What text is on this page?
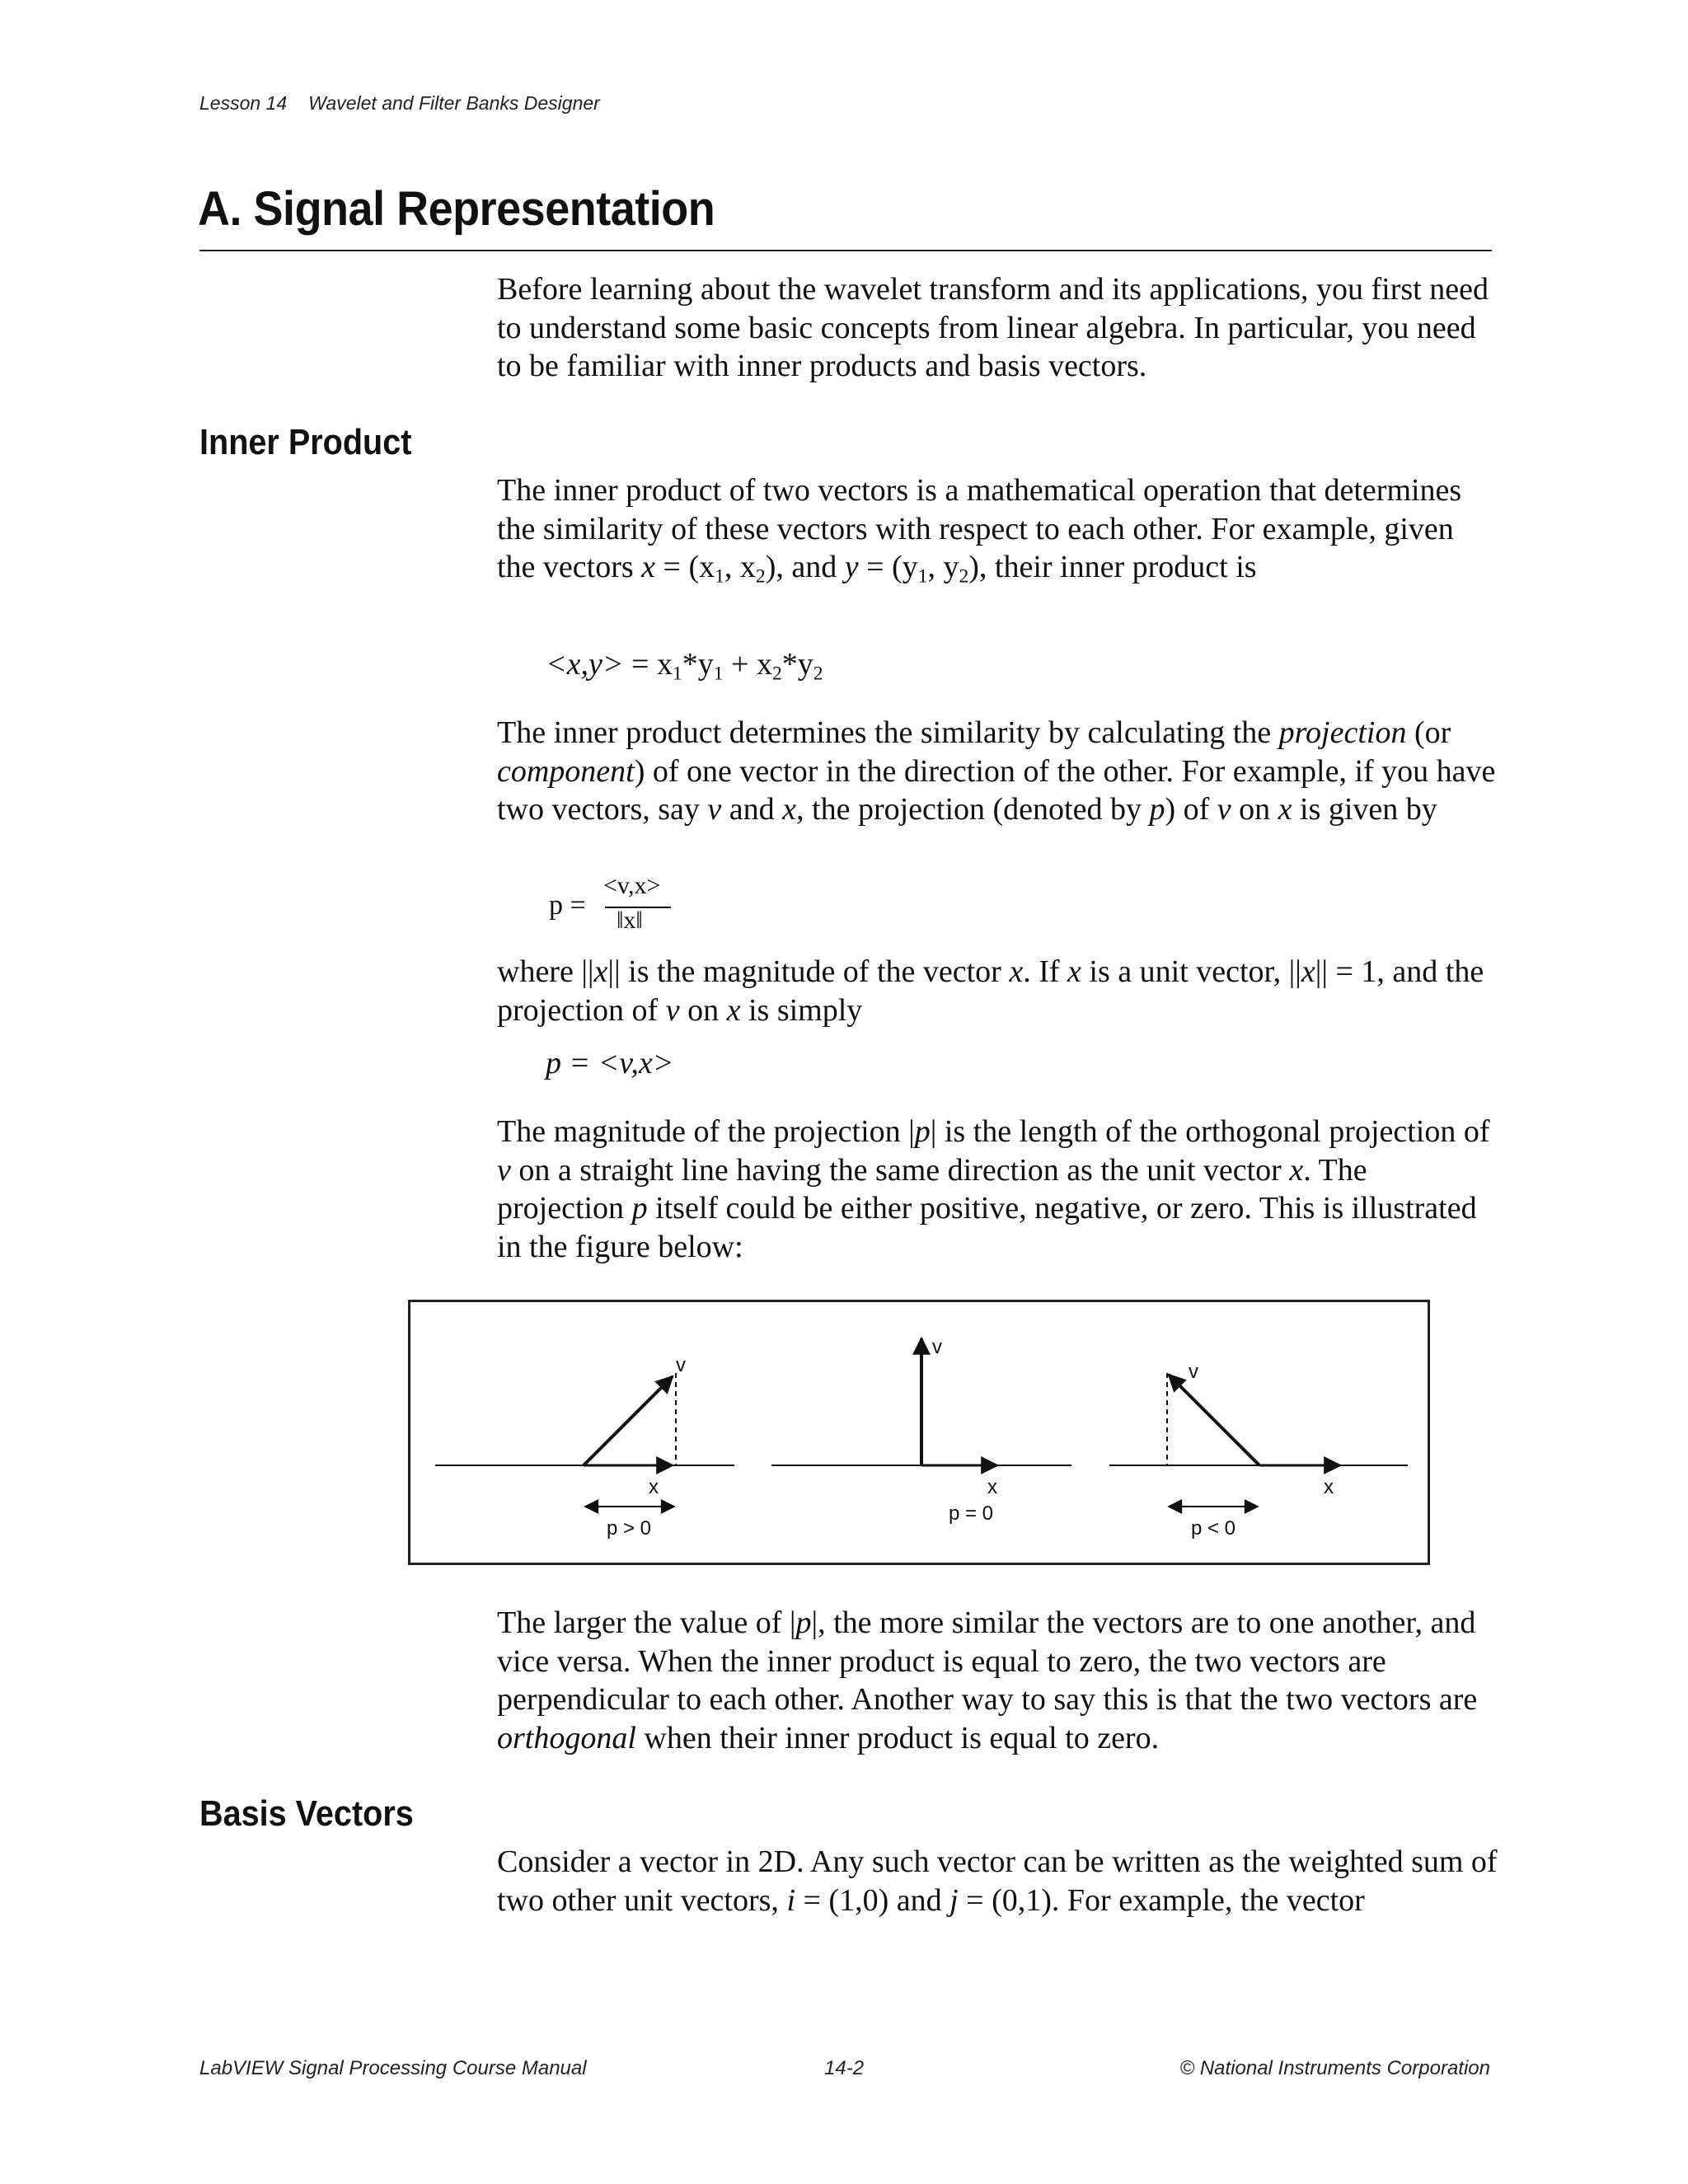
Lesson 14 Wavelet and Filter Banks Designer
A. Signal Representation

Before learning about the wavelet transform and its applications, you first need to understand some basic concepts from linear algebra. In particular, you need to be familiar with inner products and basis vectors.

Inner Product

The inner product of two vectors is a mathematical operation that determines the similarity of these vectors with respect to each other. For example, given the vectors $x = (x_1$, $x_2$), and $y = (y_1$, $y_2$), their inner product is

$<x,y> = x_1*y_1 + x_2*y_2$

The inner product determines the similarity by calculating the projection (or component) of one vector in the direction of the other. For example, if you have two vectors, say v and x, the projection (denoted by p) of v on x is given by

p =
<v,x>
‖x‖

where ||x|| is the magnitude of the vector x. If x is a unit vector, ||x|| = 1, and the projection of v on x is simply

p = <v,x>

The magnitude of the projection |p| is the length of the orthogonal projection of v on a straight line having the same direction as the unit vector x. The projection p itself could be either positive, negative, or zero. This is illustrated in the figure below:

v
x
p > 0
v
x
p = 0
v
x
p < 0

The larger the value of |p|, the more similar the vectors are to one another, and vice versa. When the inner product is equal to zero, the two vectors are perpendicular to each other. Another way to say this is that the two vectors are orthogonal when their inner product is equal to zero.

Basis Vectors

Consider a vector in 2D. Any such vector can be written as the weighted sum of two other unit vectors, i = (1,0) and j = (0,1). For example, the vector

LabVIEW Signal Processing Course Manual	14-2	© National Instruments Corporation
